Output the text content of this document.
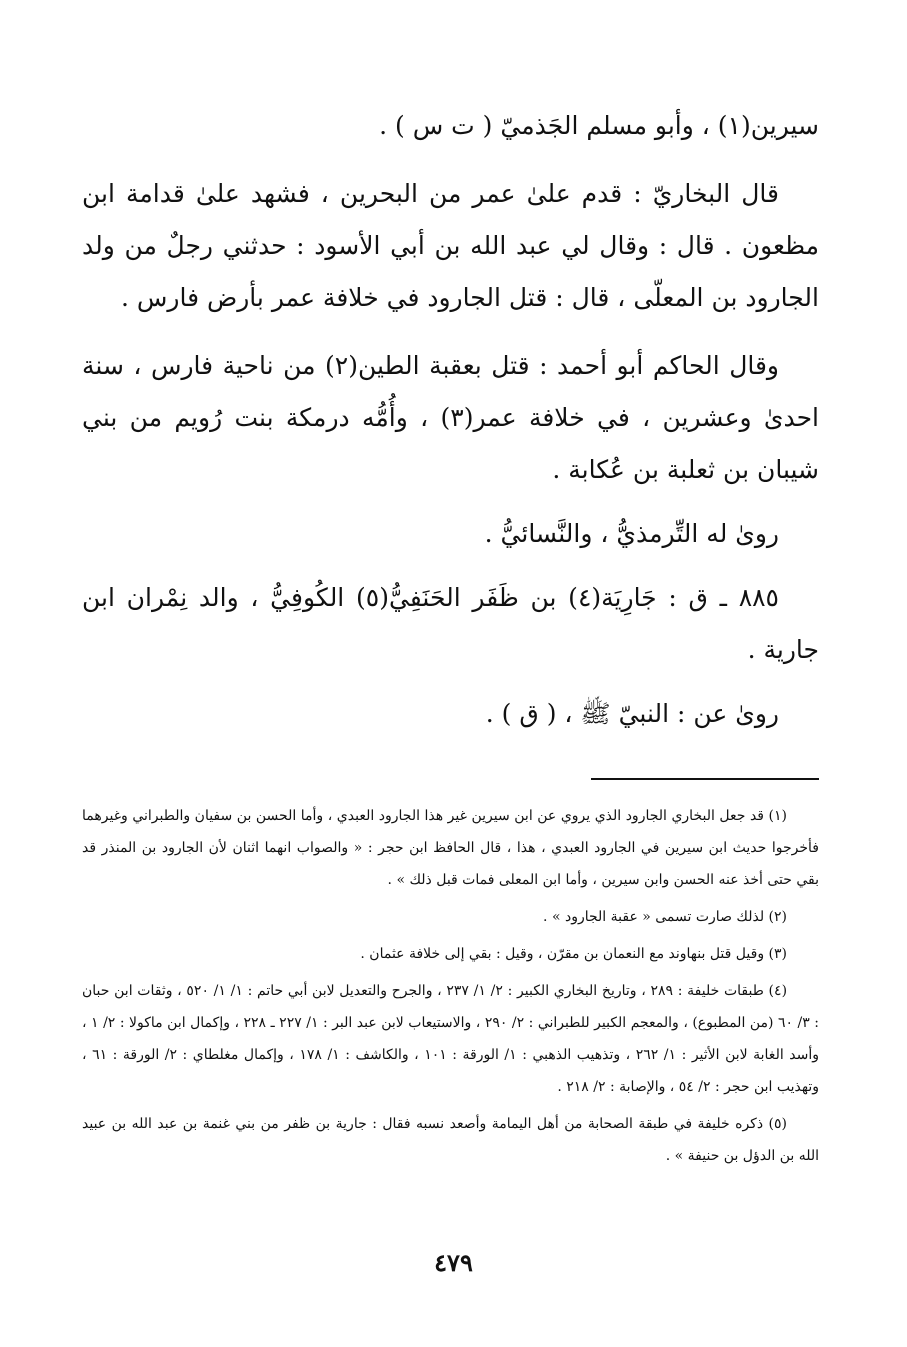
سيرين(١) ، وأبو مسلم الجَذميّ ( ت س ) .

قال البخاريّ : قدم علىٰ عمر من البحرين ، فشهد علىٰ قدامة ابن مظعون . قال : وقال لي عبد الله بن أبي الأسود : حدثني رجلٌ من ولد الجارود بن المعلّى ، قال : قتل الجارود في خلافة عمر بأرض فارس .

وقال الحاكم أبو أحمد : قتل بعقبة الطين(٢) من ناحية فارس ، سنة احدىٰ وعشرين ، في خلافة عمر(٣) ، وأُمُّه درمكة بنت رُويم من بني شيبان بن ثعلبة بن عُكابة .

روىٰ له التِّرمذيُّ ، والنَّسائيُّ .

٨٨٥ ـ ق : جَارِيَة(٤) بن ظَفَر الحَنَفِيُّ(٥) الكُوفِيُّ ، والد نِمْران ابن جارية .

روىٰ عن : النبيّ ﷺ ، ( ق ) .

(١) قد جعل البخاري الجارود الذي يروي عن ابن سيرين غير هذا الجارود العبدي ، وأما الحسن بن سفيان والطبراني وغيرهما فأخرجوا حديث ابن سيرين في الجارود العبدي ، هذا ، قال الحافظ ابن حجر : « والصواب انهما اثنان لأن الجارود بن المنذر قد بقي حتى أخذ عنه الحسن وابن سيرين ، وأما ابن المعلى فمات قبل ذلك » .

(٢) لذلك صارت تسمى « عقبة الجارود » .

(٣) وقيل قتل بنهاوند مع النعمان بن مقرّن ، وقيل : بقي إلى خلافة عثمان .

(٤) طبقات خليفة : ٢٨٩ ، وتاريخ البخاري الكبير : ٢/ ١/ ٢٣٧ ، والجرح والتعديل لابن أبي حاتم : ١/ ١/ ٥٢٠ ، وثقات ابن حبان : ٣/ ٦٠ (من المطبوع) ، والمعجم الكبير للطبراني : ٢/ ٢٩٠ ، والاستيعاب لابن عبد البر : ١/ ٢٢٧ ـ ٢٢٨ ، وإكمال ابن ماكولا : ٢/ ١ ، وأسد الغابة لابن الأثير : ١/ ٢٦٢ ، وتذهيب الذهبي : ١/ الورقة : ١٠١ ، والكاشف : ١/ ١٧٨ ، وإكمال مغلطاي : ٢/ الورقة : ٦١ ، وتهذيب ابن حجر : ٢/ ٥٤ ، والإصابة : ٢/ ٢١٨ .

(٥) ذكره خليفة في طبقة الصحابة من أهل اليمامة وأصعد نسبه فقال : جارية بن ظفر من بني غنمة بن عبد الله بن عبيد الله بن الدؤل بن حنيفة » .

٤٧٩
